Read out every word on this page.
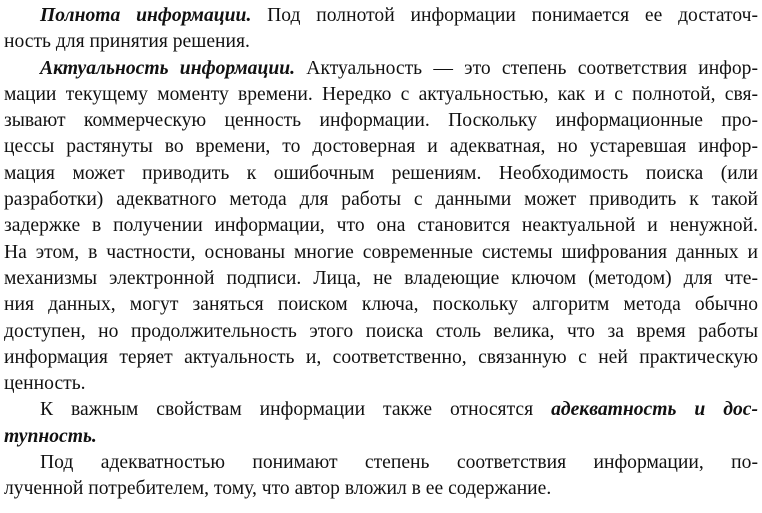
Полнота информации. Под полнотой информации понимается ее достаточ-
ность для принятия решения.
Актуальность информации. Актуальность — это степень соответствия инфор-
мации текущему моменту времени. Нередко с актуальностью, как и с полнотой, свя-
зывают коммерческую ценность информации. Поскольку информационные про-
цессы растянуты во времени, то достоверная и адекватная, но устаревшая инфор-
мация может приводить к ошибочным решениям. Необходимость поиска (или
разработки) адекватного метода для работы с данными может приводить к такой
задержке в получении информации, что она становится неактуальной и ненужной.
На этом, в частности, основаны многие современные системы шифрования данных и
механизмы электронной подписи. Лица, не владеющие ключом (методом) для чте-
ния данных, могут заняться поиском ключа, поскольку алгоритм метода обычно
доступен, но продолжительность этого поиска столь велика, что за время работы
информация теряет актуальность и, соответственно, связанную с ней практическую
ценность.
К важным свойствам информации также относятся адекватность и дос-
тупность.
Под адекватностью понимают степень соответствия информации, по-
лученной потребителем, тому, что автор вложил в ее содержание.
